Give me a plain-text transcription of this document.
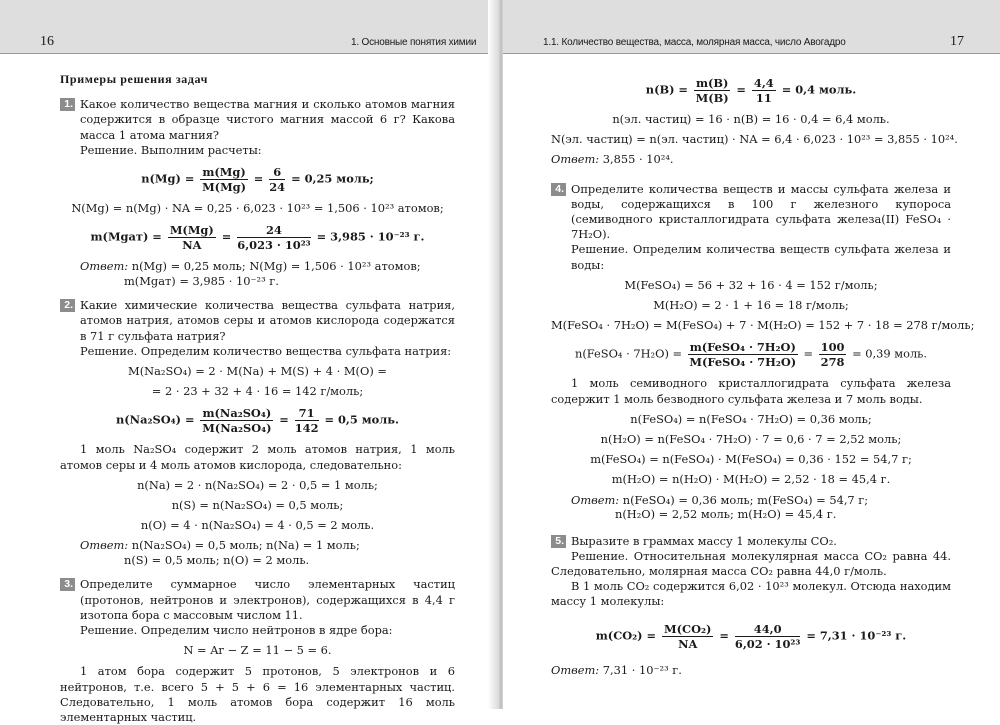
16	1. Основные понятия химии
Примеры решения задач
1. Какое количество вещества магния и сколько атомов магния содержится в образце чистого магния массой 6 г? Какова масса 1 атома магния?

Решение. Выполним расчеты:

$n(Mg) = \frac{m(Mg)}{M(Mg)} = \frac{6}{24} = 0,25$ моль;
N(Mg) = n(Mg) · NA = 0,25 · 6,023 · 10²³ = 1,506 · 10²³ атомов;
m(Mgат) = $\frac{M(Mg)}{NA} = \frac{24}{\text{6,023 · 10²³}} = 3,985 \cdot 10^{-23}$ г.
Ответ: n(Mg) = 0,25 моль; N(Mg) = 1,506 · 10²³ атомов;
m(Mgат) = 3,985 · 10⁻²³ г.
2. Какие химические количества вещества сульфата натрия, атомов натрия, атомов серы и атомов кислорода содержатся в 71 г сульфата натрия?

Решение. Определим количество вещества сульфата натрия:

M(Na₂SO₄) = 2 · M(Na) + M(S) + 4 · M(O) =
= 2 · 23 + 32 + 4 · 16 = 142 г/моль;
$n(Na_2SO_4) = \frac{\text{m(Na₂SO₄)}}{\text{M(Na₂SO₄)}} = \frac{71}{142} = 0,5$ моль.

1 моль Na₂SO₄ содержит 2 моль атомов натрия, 1 моль атомов серы и 4 моль атомов кислорода, следовательно:

n(Na) = 2 · n(Na₂SO₄) = 2 · 0,5 = 1 моль;
n(S) = n(Na₂SO₄) = 0,5 моль;
n(O) = 4 · n(Na₂SO₄) = 4 · 0,5 = 2 моль.
Ответ: n(Na₂SO₄) = 0,5 моль; n(Na) = 1 моль;
n(S) = 0,5 моль; n(O) = 2 моль.
3. Определите суммарное число элементарных частиц (протонов, нейтронов и электронов), содержащихся в 4,4 г изотопа бора с массовым числом 11.

Решение. Определим число нейтронов в ядре бора:

N = Ar − Z = 11 − 5 = 6.

1 атом бора содержит 5 протонов, 5 электронов и 6 нейтронов, т.е. всего 5 + 5 + 6 = 16 элементарных частиц. Следовательно, 1 моль атомов бора содержит 16 моль элементарных частиц.

1.1. Количество вещества, масса, молярная масса, число Авогадро	17
$n(B) = \frac{m(B)}{M(B)} = \frac{4,4}{11} = 0,4$ моль.
n(эл. частиц) = 16 · n(B) = 16 · 0,4 = 6,4 моль.
N(эл. частиц) = n(эл. частиц) · NA = 6,4 · 6,023 · 10²³ = 3,855 · 10²⁴.
Ответ: 3,855 · 10²⁴.
4. Определите количества веществ и массы сульфата железа и воды, содержащихся в 100 г железного купороса (семиводного кристаллогидрата сульфата железа(II) FeSO₄ · 7H₂O).

Решение. Определим количества веществ сульфата железа и воды:

M(FeSO₄) = 56 + 32 + 16 · 4 = 152 г/моль;
M(H₂O) = 2 · 1 + 16 = 18 г/моль;
M(FeSO₄ · 7H₂O) = M(FeSO₄) + 7 · M(H₂O) = 152 + 7 · 18 = 278 г/моль;
n(FeSO₄ · $7H_2O) = \frac{\text{m(FeSO₄ · 7H₂O)}}{\text{M(FeSO₄ · 7H₂O)}} = \frac{100}{278} = 0,39$ моль.

1 моль семиводного кристаллогидрата сульфата железа содержит 1 моль безводного сульфата железа и 7 моль воды.

n(FeSO₄) = n(FeSO₄ · 7H₂O) = 0,36 моль;
n(H₂O) = n(FeSO₄ · 7H₂O) · 7 = 0,6 · 7 = 2,52 моль;
m(FeSO₄) = n(FeSO₄) · M(FeSO₄) = 0,36 · 152 = 54,7 г;
m(H₂O) = n(H₂O) · M(H₂O) = 2,52 · 18 = 45,4 г.
Ответ: n(FeSO₄) = 0,36 моль; m(FeSO₄) = 54,7 г;
n(H₂O) = 2,52 моль; m(H₂O) = 45,4 г.
5. Выразите в граммах массу 1 молекулы CO₂.

Решение. Относительная молекулярная масса CO₂ равна 44. Следовательно, молярная масса CO₂ равна 44,0 г/моль.

В 1 моль CO₂ содержится 6,02 · 10²³ молекул. Отсюда находим массу 1 молекулы:

$m(CO_2) = \frac{\text{M(CO₂)}}{NA} = \frac{44,0}{\text{6,02 · 10²³}} = 7,31 \cdot 10^{-23}$ г.
Ответ: 7,31 · 10⁻²³ г.
